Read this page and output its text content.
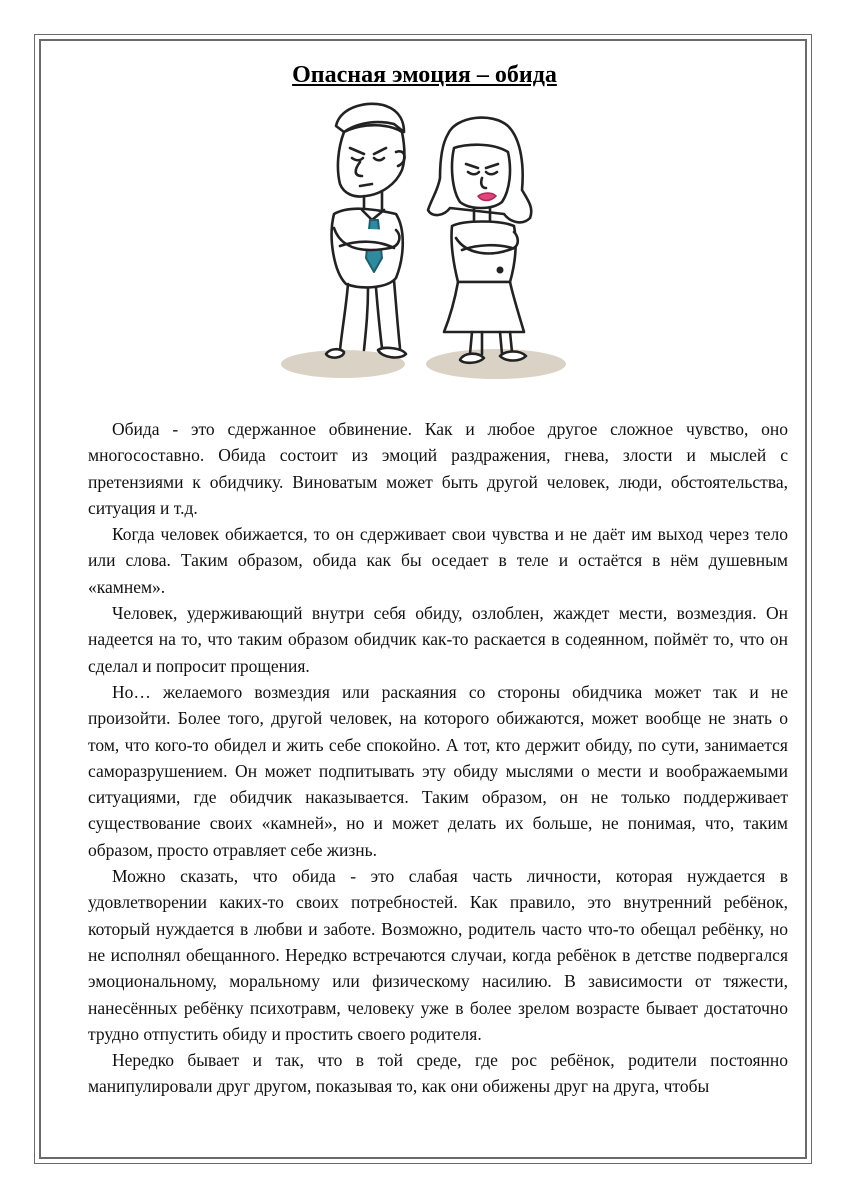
Опасная эмоция – обида

Обида - это сдержанное обвинение. Как и любое другое сложное чувство, оно многосоставно. Обида состоит из эмоций раздражения, гнева, злости и мыслей с претензиями к обидчику. Виноватым может быть другой человек, люди, обстоятельства, ситуация и т.д.

Когда человек обижается, то он сдерживает свои чувства и не даёт им выход через тело или слова. Таким образом, обида как бы оседает в теле и остаётся в нём душевным «камнем».

Человек, удерживающий внутри себя обиду, озлоблен, жаждет мести, возмездия. Он надеется на то, что таким образом обидчик как-то раскается в содеянном, поймёт то, что он сделал и попросит прощения.

Но… желаемого возмездия или раскаяния со стороны обидчика может так и не произойти. Более того, другой человек, на которого обижаются, может вообще не знать о том, что кого-то обидел и жить себе спокойно. А тот, кто держит обиду, по сути, занимается саморазрушением. Он может подпитывать эту обиду мыслями о мести и воображаемыми ситуациями, где обидчик наказывается. Таким образом, он не только поддерживает существование своих «камней», но и может делать их больше, не понимая, что, таким образом, просто отравляет себе жизнь.

Можно сказать, что обида - это слабая часть личности, которая нуждается в удовлетворении каких-то своих потребностей. Как правило, это внутренний ребёнок, который нуждается в любви и заботе. Возможно, родитель часто что-то обещал ребёнку, но не исполнял обещанного. Нередко встречаются случаи, когда ребёнок в детстве подвергался эмоциональному, моральному или физическому насилию. В зависимости от тяжести, нанесённых ребёнку психотравм, человеку уже в более зрелом возрасте бывает достаточно трудно отпустить обиду и простить своего родителя.

Нередко бывает и так, что в той среде, где рос ребёнок, родители постоянно манипулировали друг другом, показывая то, как они обижены друг на друга, чтобы
